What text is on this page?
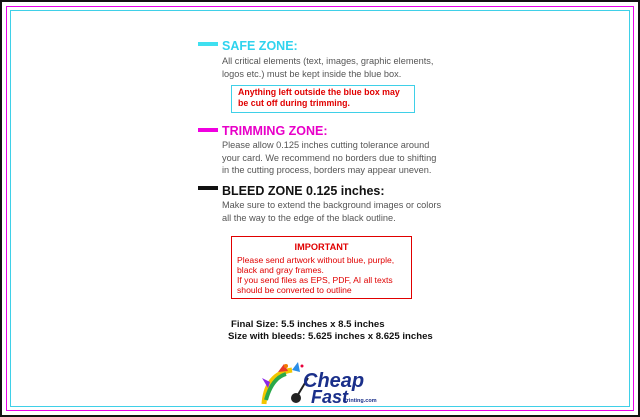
SAFE ZONE:
All critical elements (text, images, graphic elements,
logos etc.) must be kept inside the blue box.
Anything left outside the blue box may
be cut off during trimming.
TRIMMING ZONE:
Please allow 0.125 inches cutting tolerance around
your card. We recommend no borders due to shifting
in the cutting process, borders may appear uneven.
BLEED ZONE 0.125 inches:
Make sure to extend the background images or colors
all the way to the edge of the black outline.
IMPORTANT
Please send artwork without blue, purple,
black and gray frames.
If you send files as EPS, PDF, AI all texts
should be converted to outline
Final Size: 5.5 inches x 8.5 inches
Size with bleeds: 5.625 inches x 8.625 inches
Cheap
Fast
Printing.com
